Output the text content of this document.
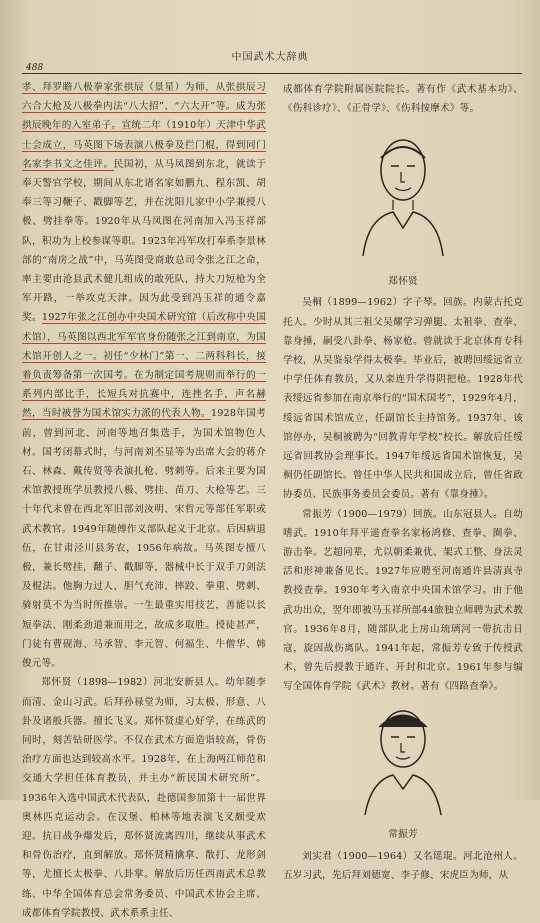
中国武术大辞典
488

孝、拜罗瞻八极拳家张拱辰（景星）为师，从张拱辰习六合大枪及八极拳内法“八大招”、“六大开”等。成为张拱辰晚年的入室弟子。宣统二年（1910年）天津中华武士会成立，马英图下场表演八极拳及拦门棍，得到同门名家李书文之佳评。民国初，从马凤图到东北，就读于奉天警官学校，期间从东北诸名家如鹏九、程东凯、胡奉三等习鞭子、戳脚等艺，并在沈阳儿家中小学兼授八极、劈挂拳等。1920年从马凤图在河南加入冯玉祥部队，积功为上校参谋等职。1923年冯军攻打奉系李景林部的“南房之战”中，马英图受商敢总司令张之江之命，率主要由沧县武术健儿组成的敢死队，持大刀短枪为全军开路，一举攻克天津。因为此受到冯玉祥的通令嘉奖。1927年张之江创办中央国术研究馆（后改称中央国术馆），马英图以西北军军官身份随张之江到南京，为国术馆开创人之一。初任“少林门”第一、二两科科长，接着负责筹备第一次国考。在为制定国考规则而举行的一系列内部比手，长短兵对抗赛中，连挫名手，声名赫然，当时被誉为国术馆实力派的代表人物。1928年国考前，曾到河北、河南等地召集选手，为国术馆物色人材。国考闭幕式时，与河南刘丕显等为出席大会的蒋介石、林森、戴传贤等表演扎枪、劈刺等。后来主要为国术馆教授班学员教授八极、劈挂、苗刀、大枪等艺。三十年代末曾在西北军旧部刘汝明、宋哲元等部任军职或武术教官。1949年随傅作义部队起义于北京。后因病退伍，在甘肃泾川县务农，1956年病故。马英图专擅八极，兼长劈挂，翻子、戳脚等，器械中长于双手刀剑法及棍法。他胸力过人，胆气充沛，摔跤、拳重、劈刺、骑射莫不为当时所推崇。一生最重实用技艺，善能以长短拳法、刚柔劲道兼而用之，故成多取胜。授徒甚严，门徒有曹砚海、马承智、李元智、何福生、牛僧华、韩俊元等。

郑怀贤（1898—1982）河北安新县人。幼年随李而清、金山习武。后拜孙禄堂为师，习太极、形意、八卦及诸般兵器。擅长飞叉。郑怀贤虚心好学，在练武的同时，刻苦钻研医学。不仅在武术方面造诣较高，骨伤治疗方面也达到较高水平。1928年，在上海两江师范和交通大学担任体育教员，并主办“新民国术研究所”。1936年入选中国武术代表队，赴德国参加第十一届世界奥林匹克运动会。在汉堡、柏林等地表演飞叉颇受欢迎。抗日战争爆发后，郑怀贤流离四川，继续从事武术和骨伤治疗，直到解放。郑怀贤精擒拿、散打、龙形剑等，尤擅长太极拳、八卦掌。解放后历任西南武术总教练、中华全国体育总会常务委员、中国武术协会主席、成都体育学院教授、武术系系主任、

成都体育学院附属医院院长。著有作《武术基本功》、《伤科诊疗》、《正骨学》、《伤科按摩术》等。

郑怀贤

吴桐（1899—1962）字子琴。回族。内蒙古托克托人。少时从其三祖父吴耀学习弹腿、太祖拳、查拳、靠身捶，嗣受八卦拳、杨家枪。曾就读于北京体育专科学校，从吴鉴泉学得太极拳。毕业后，被聘回绥远省立中学任体育教员，又从栾连升学得阴把枪。1928年代表绥远省参加在南京举行的“国术国考”，1929年4月，绥远省国术馆成立，任副馆长主持馆务。1937年、该馆停办，吴桐被聘为“回教青年学校”校长。解放后任绥远省回教协会理事长。1947年绥远省国术馆恢复，吴桐仍任副馆长。曾任中华人民共和国成立后，曾任省政协委员、民族事务委员会委员。著有《靠身捶》。

常振芳（1900—1979）回族。山东冠县人。自幼嗜武。1910年拜平遥查拳名家杨鸿修、查拳、圈拳、游击拳。艺超同辈，尤以朝柔兼优、架式工整、身法灵活和形神兼备见长。1927年应聘至河南通许县清真寺教授查拳。1930年考入南京中央国术馆学习。由于他武功出众，翌年即被马玉祥所部44旅独立师聘为武术教官。1936年8月，随部队北上房山琉璃河一带抗击日寇，旋因战伤离队。1941年起，常振芳专致于传授武术，曾先后授教于通许、开封和北京。1961年参与编写全国体育学院《武术》教材。著有《四路查拳》。

常振芳

刘实君（1900—1964）又名瑶琨。河北沧州人。五岁习武，先后拜刘德宽、李子修、宋虎臣为师，从
